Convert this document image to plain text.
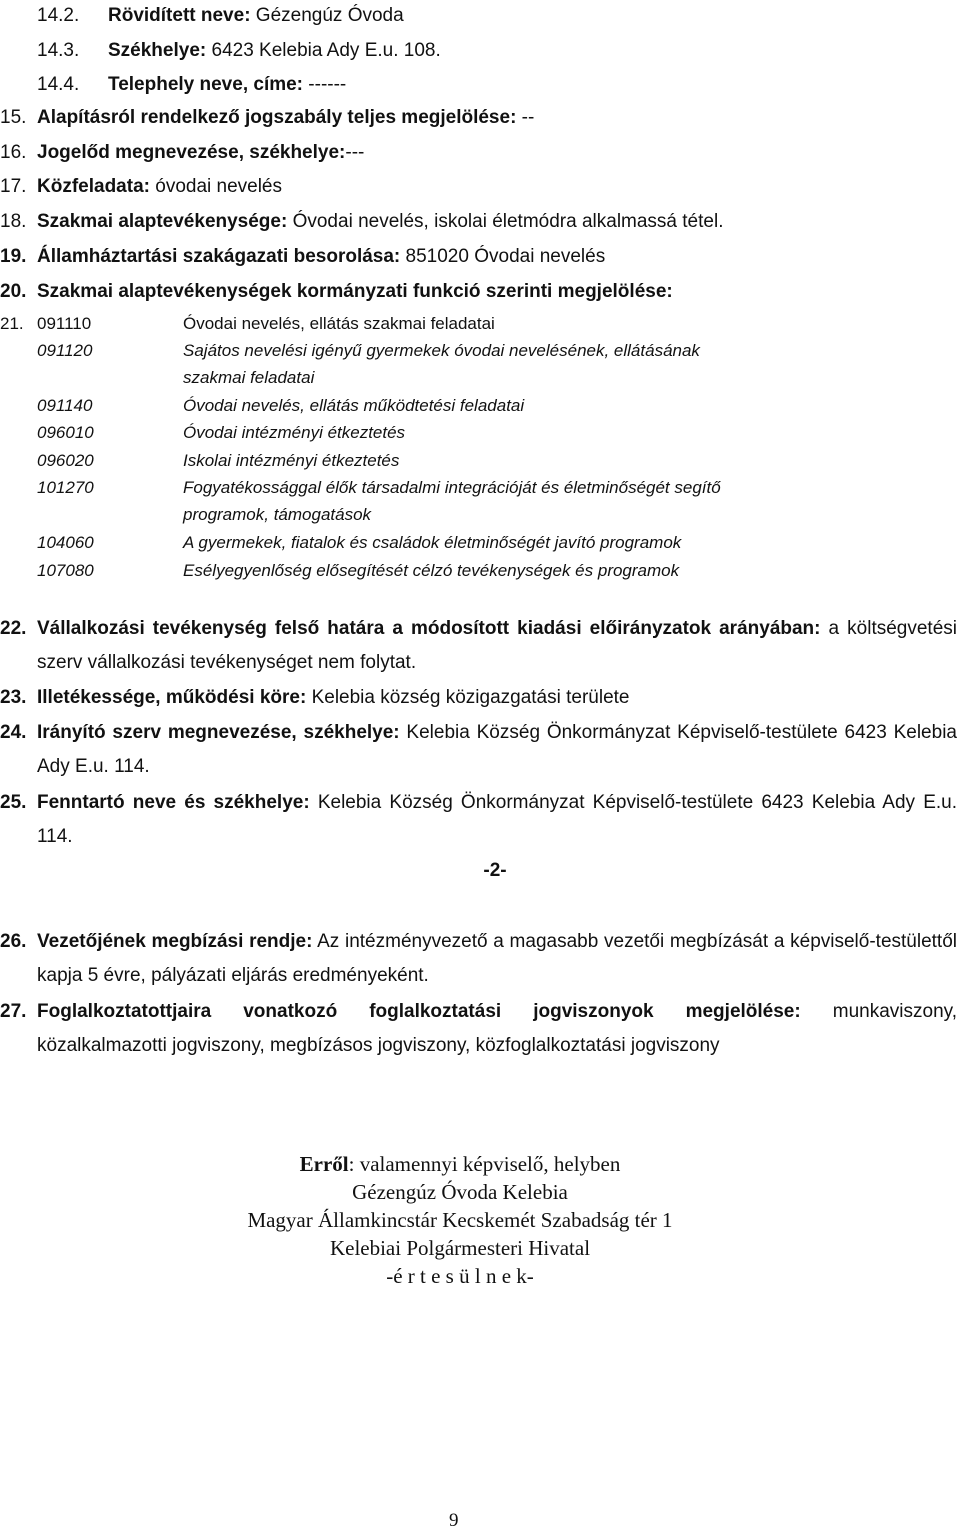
14.2. Rövidített neve: Gézengúz Óvoda
14.3. Székhelye: 6423 Kelebia Ady E.u. 108.
14.4. Telephely neve, címe: ------
15. Alapításról rendelkező jogszabály teljes megjelölése: --
16. Jogelőd megnevezése, székhelye:---
17. Közfeladata: óvodai nevelés
18. Szakmai alaptevékenysége: Óvodai nevelés, iskolai életmódra alkalmassá tétel.
19. Államháztartási szakágazati besorolása: 851020 Óvodai nevelés
20. Szakmai alaptevékenységek kormányzati funkció szerinti megjelölése:
21. 091110	Óvodai nevelés, ellátás szakmai feladatai
091120	Sajátos nevelési igényű gyermekek óvodai nevelésének, ellátásának
szakmai feladatai
091140	Óvodai nevelés, ellátás működtetési feladatai
096010	Óvodai intézményi étkeztetés
096020	Iskolai intézményi étkeztetés
101270	Fogyatékossággal élők társadalmi integrációját és életminőségét segítő
programok, támogatások
104060	A gyermekek, fiatalok és családok életminőségét javító programok
107080	Esélyegyenlőség elősegítését célzó tevékenységek és programok
22. Vállalkozási tevékenység felső határa a módosított kiadási előirányzatok arányában: a költségvetési szerv vállalkozási tevékenységet nem folytat.
23. Illetékessége, működési köre: Kelebia község közigazgatási területe
24. Irányító szerv megnevezése, székhelye: Kelebia Község Önkormányzat Képviselő-testülete 6423 Kelebia Ady E.u. 114.
25. Fenntartó neve és székhelye: Kelebia Község Önkormányzat Képviselő-testülete 6423 Kelebia Ady E.u. 114.
-2-
26. Vezetőjének megbízási rendje: Az intézményvezető a magasabb vezetői megbízását a képviselő-testülettől kapja 5 évre, pályázati eljárás eredményeként.
27. Foglalkoztatottjaira vonatkozó foglalkoztatási jogviszonyok megjelölése: munkaviszony, közalkalmazotti jogviszony, megbízásos jogviszony, közfoglalkoztatási jogviszony
Erről: valamennyi képviselő, helyben
Gézengúz Óvoda Kelebia
Magyar Államkincstár Kecskemét Szabadság tér 1
Kelebiai Polgármesteri Hivatal
-é r t e s ü l n e k-
9
